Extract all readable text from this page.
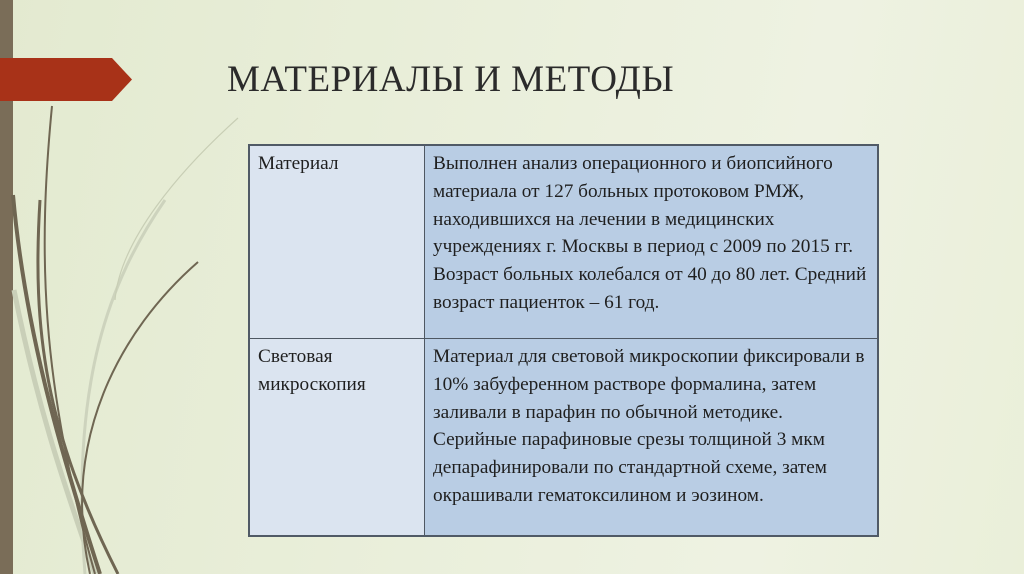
МАТЕРИАЛЫ И МЕТОДЫ
Материал	Выполнен анализ операционного и биопсийного материала от 127 больных протоковом РМЖ, находившихся на лечении в медицинских учреждениях г. Москвы в период с 2009 по 2015 гг. Возраст больных колебался от 40 до 80 лет. Средний возраст пациенток – 61 год.
Световая микроскопия	Материал для световой микроскопии фиксировали в 10% забуференном растворе формалина, затем заливали в парафин по обычной методике. Серийные парафиновые срезы толщиной 3 мкм депарафинировали по стандартной схеме, затем окрашивали гематоксилином и эозином.
